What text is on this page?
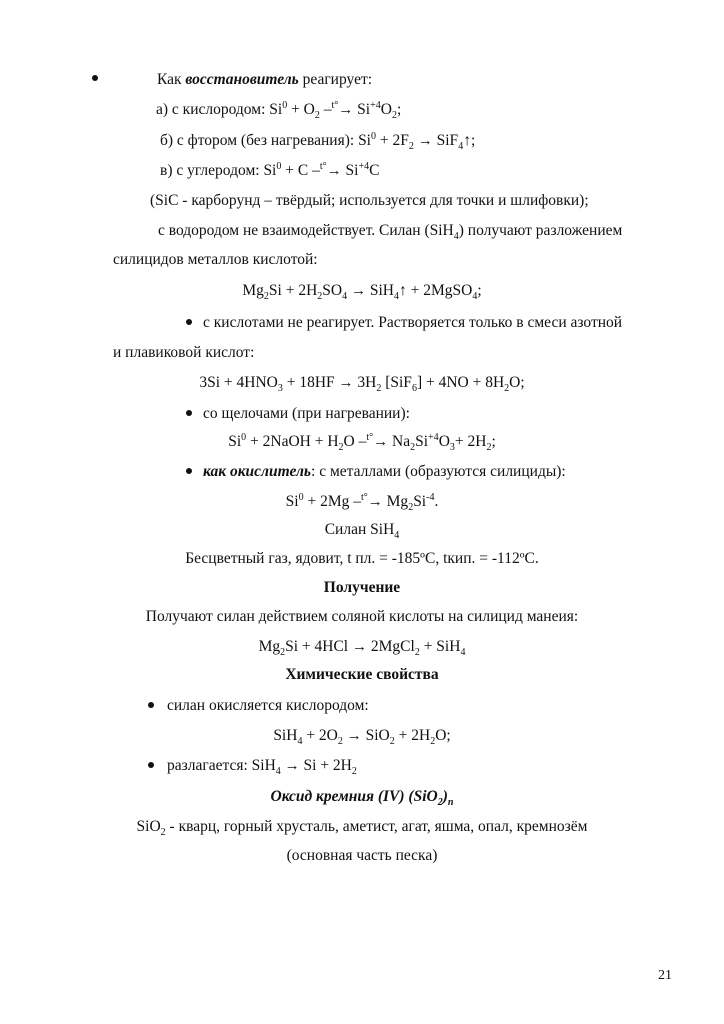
Как восстановитель реагирует:
а) с кислородом: $Si^0 + O_2$ $-^{t^\circ}\to Si^{+4}O_2$;
б) с фтором (без нагревания): $Si^0 + 2F_2$ → SiF$_4$↑;
в) с углеродом: $Si^0 + C$ $-^{t^\circ}\to Si^{+4}C$
(SiC - карборунд – твёрдый; используется для точки и шлифовки);
с водородом не взаимодействует. Силан (SiH$_4$) получают разложением
силицидов металлов кислотой:
$Mg_2Si + 2H_2SO_4$ → SiH$_4$↑ + 2MgSO$_4$;
с кислотами не реагирует. Растворяется только в смеси азотной
и плавиковой кислот:
$3Si + 4HNO_3 + 18HF \to 3H_2$ $[SiF_6] + 4NO + 8H_2O$;
со щелочами (при нагревании):
$Si^0$ + 2NaOH + $H_2O$ $-^{t^\circ}\to Na_2Si^{+4}O_3+ 2H_2$;
как окислитель: с металлами (образуются силициды):
$Si^0 + 2Mg$ $-^{t^\circ}\to Mg_2Si^{-4}$.
Силан SiH$_4$
Бесцветный газ, ядовит, t пл. = -185ºC, tкип. = -112ºC.
Получение
Получают силан действием соляной кислоты на силицид манеия:
$Mg_2Si + 4HCl$ → 2MgCl$_2$ + SiH$_4$
Химические свойства
силан окисляется кислородом:
$SiH_4 + 2O_2 \to SiO_2 + 2H_2O$;
разлагается: $SiH_4 \to Si + 2H_2$
Оксид кремния (IV) $(SiO_2)_n$
SiO$_2$ - кварц, горный хрусталь, аметист, агат, яшма, опал, кремнозём
(основная часть песка)
21
